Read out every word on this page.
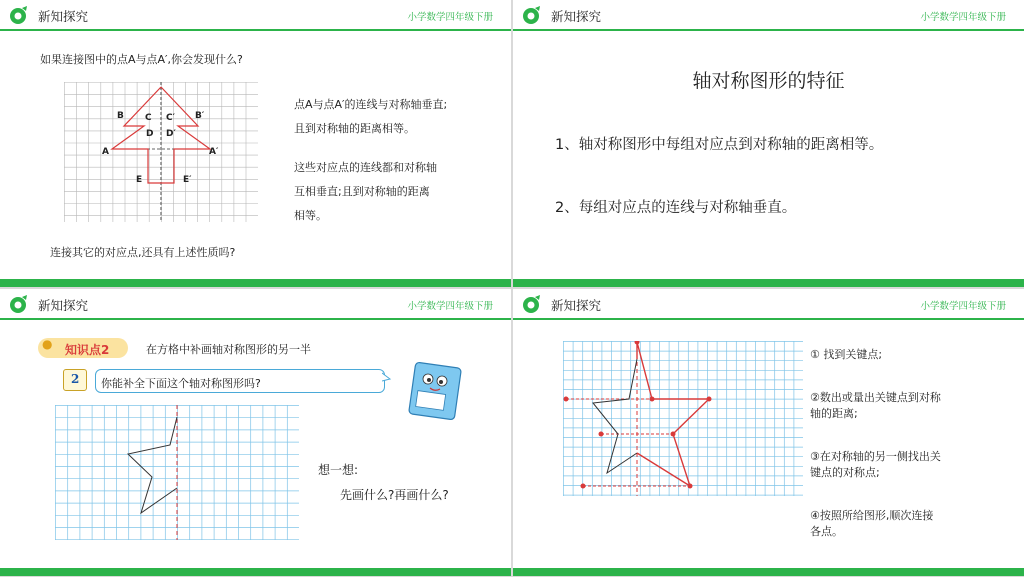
新知探究	小学数学四年级下册
如果连接图中的点A与点A′,你会发现什么?
A	A′
B	B′
C C′
D D′
E	E′
点A与点A′的连线与对称轴垂直;
且到对称轴的距离相等。
这些对应点的连线都和对称轴
互相垂直;且到对称轴的距离
相等。
连接其它的对应点,还具有上述性质吗?
新知探究	小学数学四年级下册
轴对称图形的特征
1、轴对称图形中每组对应点到对称轴的距离相等。
2、每组对应点的连线与对称轴垂直。
新知探究	小学数学四年级下册
● 知识点2	在方格中补画轴对称图形的另一半
2 你能补全下面这个轴对称图形吗?
想一想:
先画什么?再画什么?
新知探究	小学数学四年级下册
① 找到关键点;
②数出或量出关键点到对称
轴的距离;
③在对称轴的另一侧找出关
键点的对称点;
④按照所给图形,顺次连接
各点。
